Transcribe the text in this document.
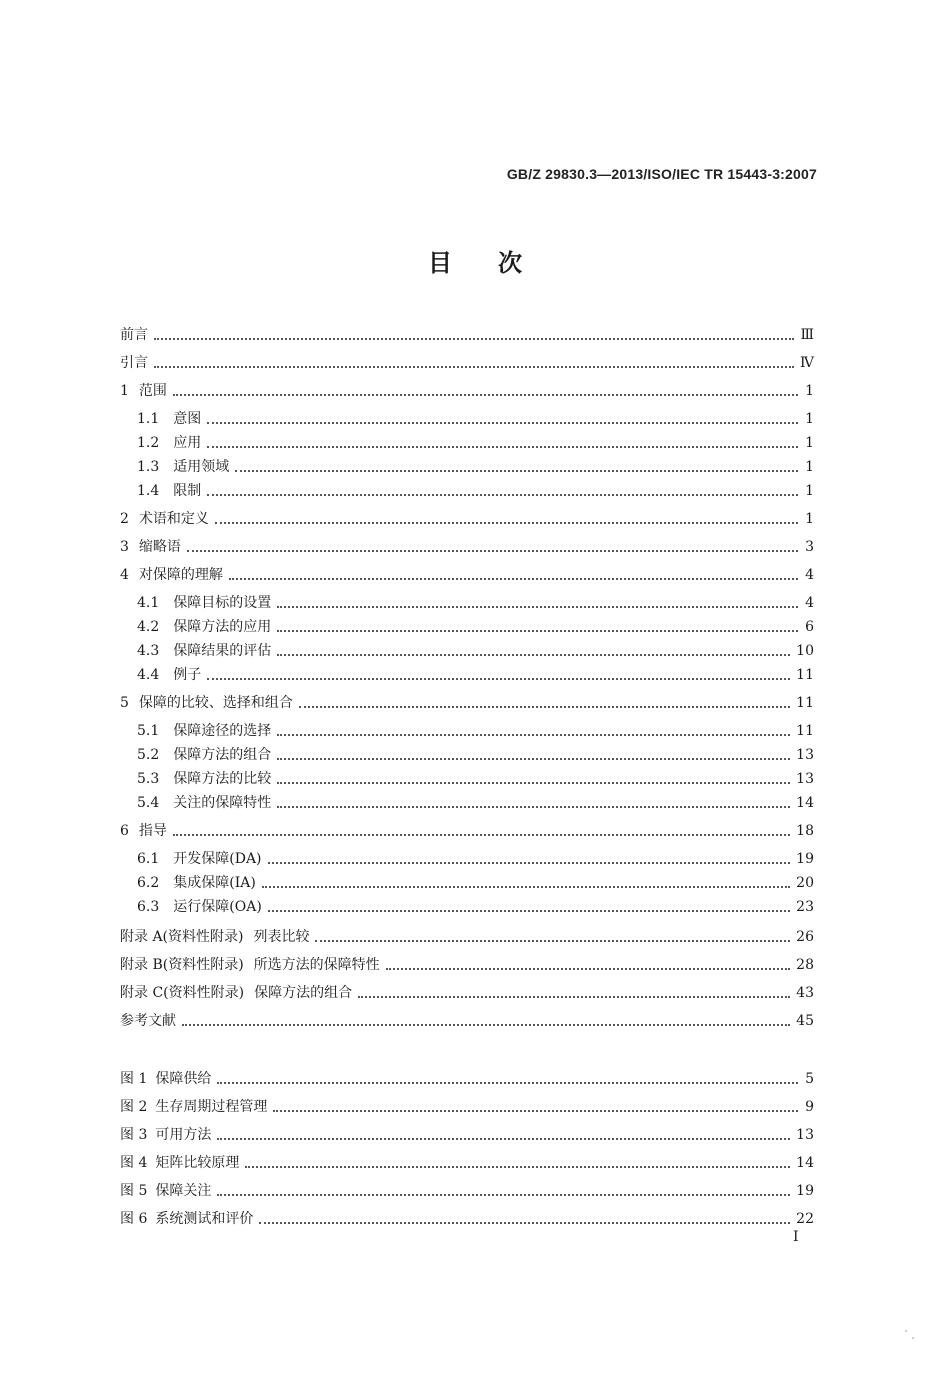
GB/Z 29830.3—2013/ISO/IEC TR 15443-3:2007
目次
前言	Ⅲ
引言	Ⅳ
1 范围	1
1.1 意图	1
1.2 应用	1
1.3 适用领域	1
1.4 限制	1
2 术语和定义	1
3 缩略语	3
4 对保障的理解	4
4.1 保障目标的设置	4
4.2 保障方法的应用	6
4.3 保障结果的评估	10
4.4 例子	11
5 保障的比较、选择和组合	11
5.1 保障途径的选择	11
5.2 保障方法的组合	13
5.3 保障方法的比较	13
5.4 关注的保障特性	14
6 指导	18
6.1 开发保障(DA)	19
6.2 集成保障(IA)	20
6.3 运行保障(OA)	23
附录 A(资料性附录) 列表比较	26
附录 B(资料性附录) 所选方法的保障特性	28
附录 C(资料性附录) 保障方法的组合	43
参考文献	45
图 1 保障供给	5
图 2 生存周期过程管理	9
图 3 可用方法	13
图 4 矩阵比较原理	14
图 5 保障关注	19
图 6 系统测试和评价	22
I
